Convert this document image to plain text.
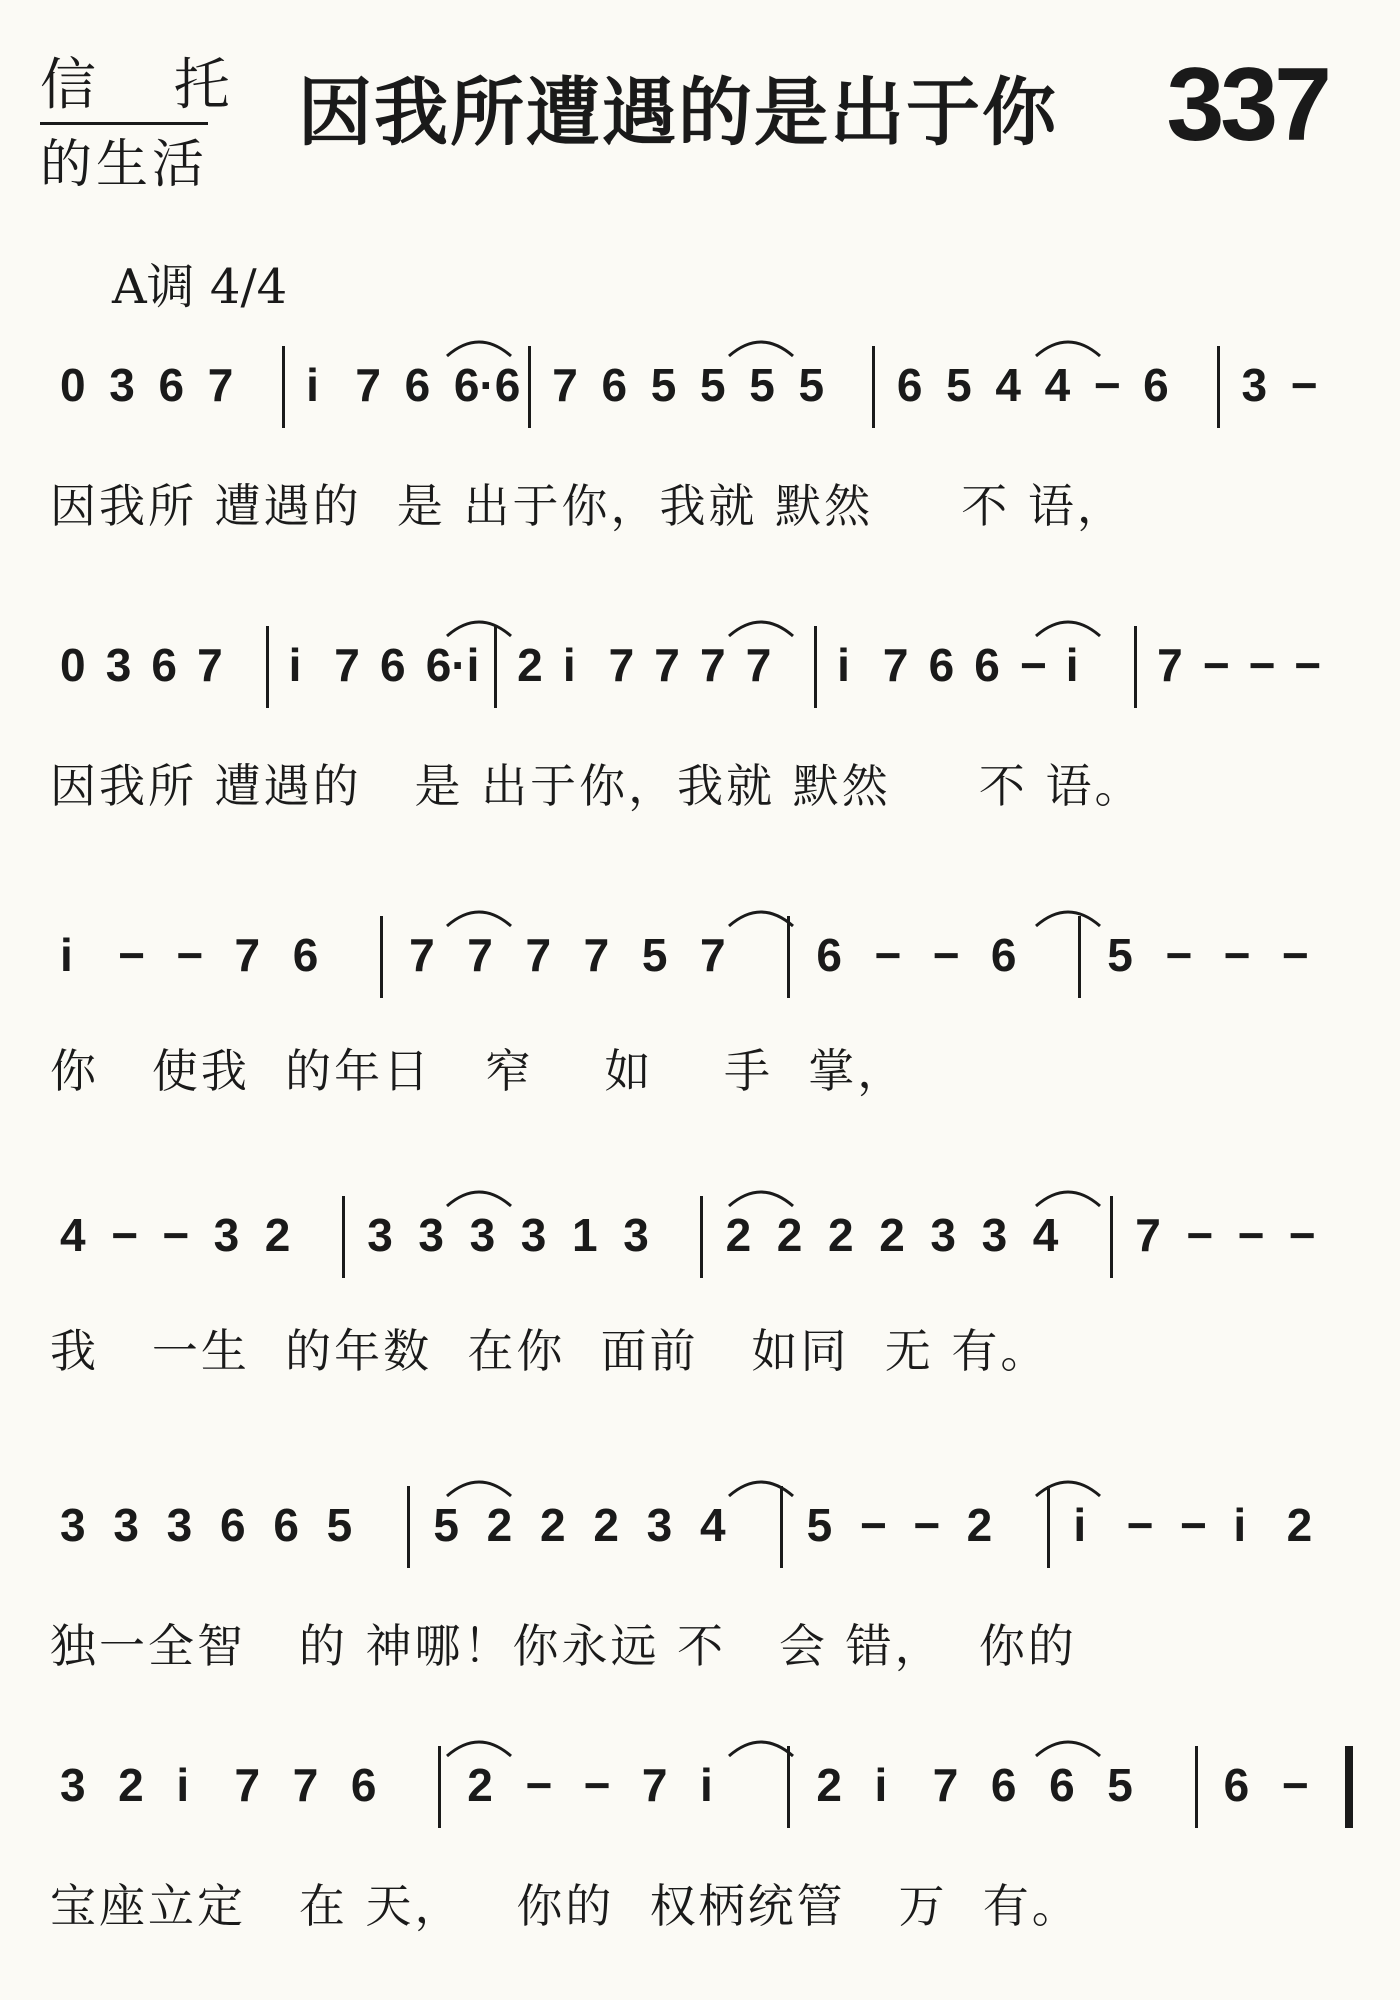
信 托
的生活
因我所遭遇的是出于你 337
A调 4/4
0 3 6 7 i 7 6 6·6 7 6 5 5 5 5 6 5 4 4 − 6 3 −
因我所 遭遇的  是 出于你，我就 默然     不 语，
0 3 6 7 i 7 6 6·i 2 i 7 7 7 7 i 7 6 6 − i 7 − − −
因我所 遭遇的   是 出于你，我就 默然     不 语。
i − − 7 6 7 7 7 7 5 7 6 − − 6 5 − − −
你   使我  的年日   窄    如    手  掌，
4 − − 3 2 3 3 3 3 1 3 2 2 2 2 3 3 4 7 − − −
我   一生  的年数  在你  面前   如同  无 有。
3 3 3 6 6 5 5 2 2 2 3 4 5 − − 2 i − − i 2
独一全智   的 神哪！你永远 不   会 错，  你的
3 2 i 7 7 6 2 − − 7 i 2 i 7 6 6 5 6 −
宝座立定   在 天，   你的  权柄统管   万  有。
